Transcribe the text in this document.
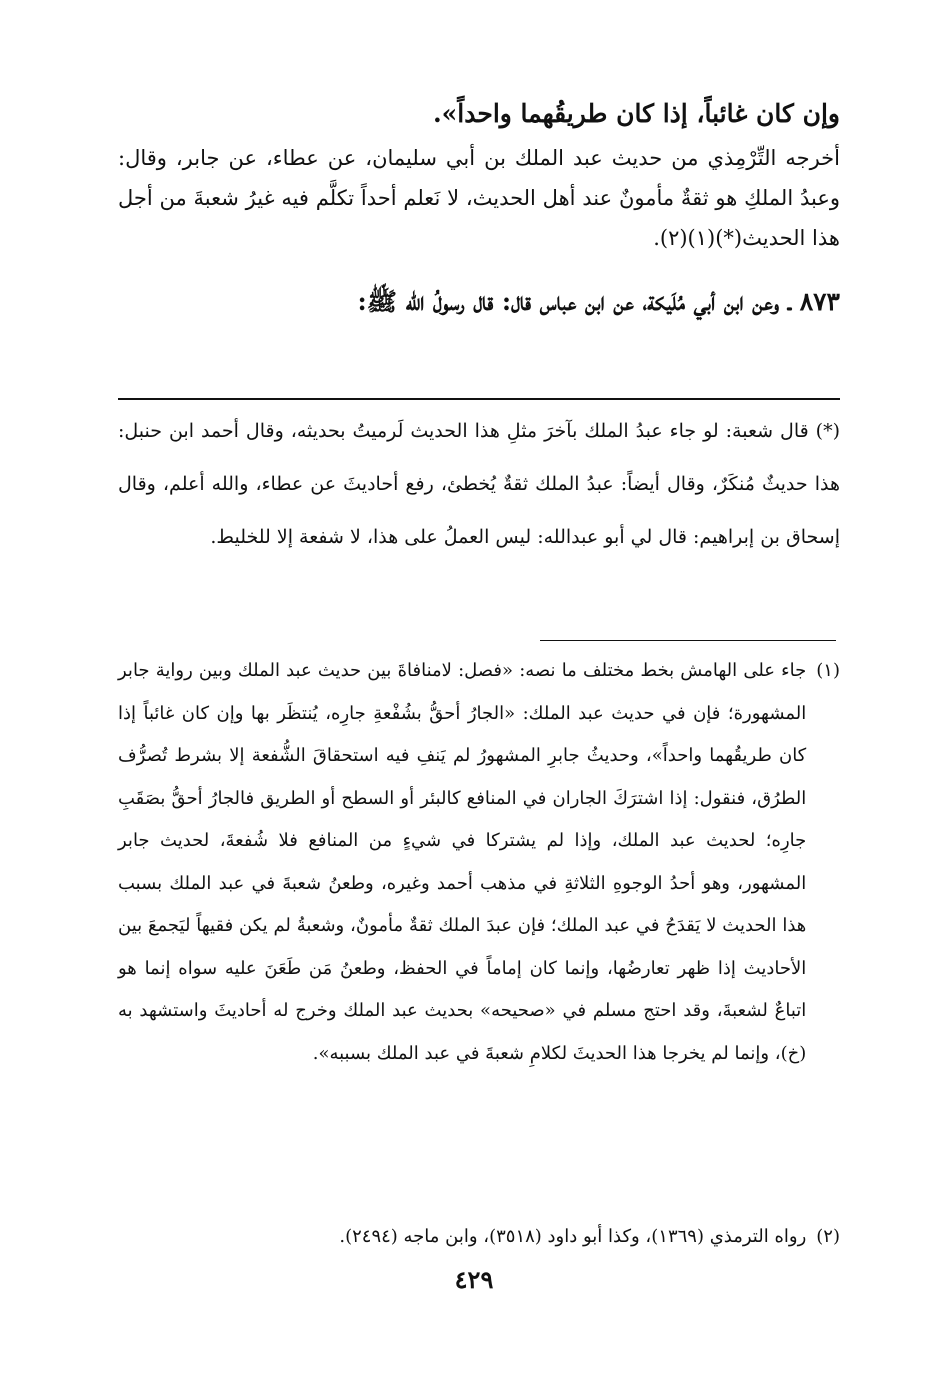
وإن كان غائباً، إذا كان طريقُهما واحداً».

أخرجه التِّرْمِذي من حديث عبد الملك بن أبي سليمان، عن عطاء، عن جابر، وقال: وعبدُ الملكِ هو ثقةٌ مأمونٌ عند أهل الحديث، لا نَعلم أحداً تكلَّم فيه غيرُ شعبةَ من أجل هذا الحديث(*)(١)(٢).

٨٧٣ ـ وعن ابن أبي مُلَيكة، عن ابن عباس قال: قال رسولُ الله ﷺ:

(*) قال شعبة: لو جاء عبدُ الملك بآخرَ مثلِ هذا الحديث لَرميتُ بحديثه، وقال أحمد ابن حنبل: هذا حديثٌ مُنكَرٌ، وقال أيضاً: عبدُ الملك ثقةٌ يُخطئ، رفع أحاديثَ عن عطاء، والله أعلم، وقال إسحاق بن إبراهيم: قال لي أبو عبدالله: ليس العملُ على هذا، لا شفعة إلا للخليط.

(١)
جاء على الهامش بخط مختلف ما نصه: «فصل: لامنافاةَ بين حديث عبد الملك وبين رواية جابر المشهورة؛ فإن في حديث عبد الملك: «الجارُ أحقُّ بشُفْعةِ جارِه، يُنتظَر بها وإن كان غائباً إذا كان طريقُهما واحداً»، وحديثُ جابرِ المشهورُ لم يَنفِ فيه استحقاقَ الشُّفعة إلا بشرط تُصرُّف الطرُق، فنقول: إذا اشترَكَ الجاران في المنافع كالبئر أو السطح أو الطريق فالجارُ أحقُّ بصَقَبِ جارِه؛ لحديث عبد الملك، وإذا لم يشتركا في شيءٍ من المنافع فلا شُفعةَ، لحديث جابر المشهور، وهو أحدُ الوجوهِ الثلاثةِ في مذهب أحمد وغيره، وطعنُ شعبةَ في عبد الملك بسبب هذا الحديث لا يَقدَحُ في عبد الملك؛ فإن عبدَ الملك ثقةٌ مأمونٌ، وشعبةُ لم يكن فقيهاً ليَجمعَ بين الأحاديث إذا ظهر تعارضُها، وإنما كان إماماً في الحفظ، وطعنُ مَن طَعَنَ عليه سواه إنما هو اتباعٌ لشعبةَ، وقد احتج مسلم في «صحيحه» بحديث عبد الملك وخرج له أحاديثَ واستشهد به (خ)، وإنما لم يخرجا هذا الحديثَ لكلامِ شعبةَ في عبد الملك بسببه».
(٢)
رواه الترمذي (١٣٦٩)، وكذا أبو داود (٣٥١٨)، وابن ماجه (٢٤٩٤).
٤٢٩
